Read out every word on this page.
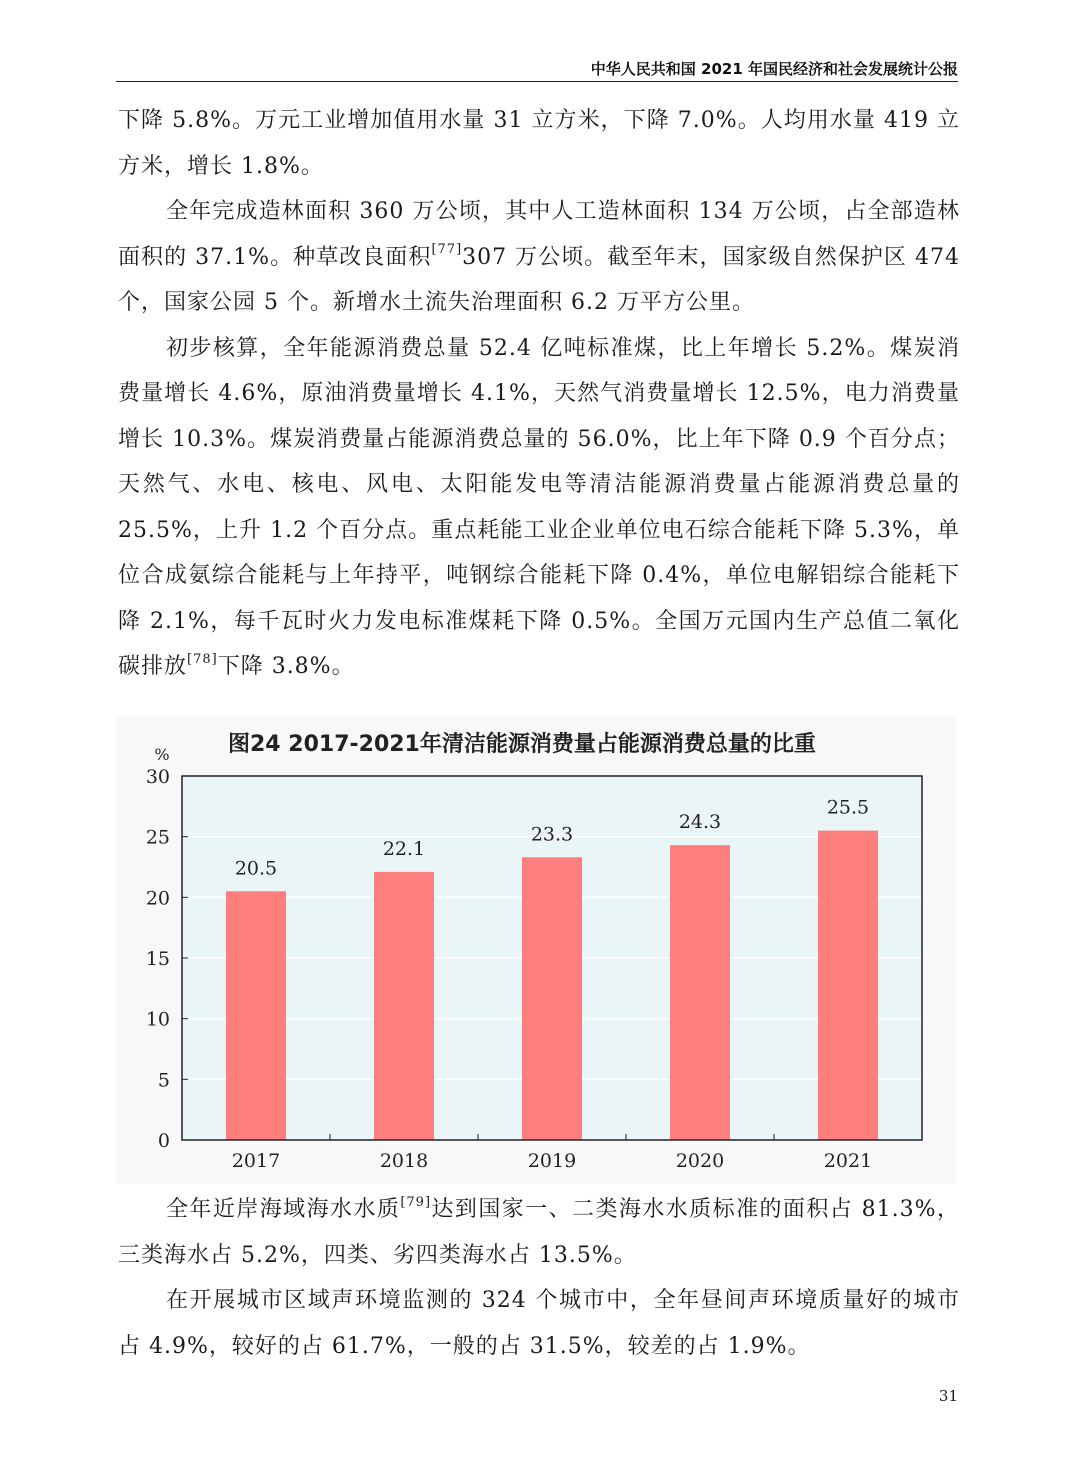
中华人民共和国 2021 年国民经济和社会发展统计公报

下降 5.8%。万元工业增加值用水量 31 立方米，下降 7.0%。人均用水量 419 立方米，增长 1.8%。

全年完成造林面积 360 万公顷，其中人工造林面积 134 万公顷，占全部造林面积的 37.1%。种草改良面积[77]307 万公顷。截至年末，国家级自然保护区 474 个，国家公园 5 个。新增水土流失治理面积 6.2 万平方公里。

初步核算，全年能源消费总量 52.4 亿吨标准煤，比上年增长 5.2%。煤炭消费量增长 4.6%，原油消费量增长 4.1%，天然气消费量增长 12.5%，电力消费量增长 10.3%。煤炭消费量占能源消费总量的 56.0%，比上年下降 0.9 个百分点；天然气、水电、核电、风电、太阳能发电等清洁能源消费量占能源消费总量的 25.5%，上升 1.2 个百分点。重点耗能工业企业单位电石综合能耗下降 5.3%，单位合成氨综合能耗与上年持平，吨钢综合能耗下降 0.4%，单位电解铝综合能耗下降 2.1%，每千瓦时火力发电标准煤耗下降 0.5%。全国万元国内生产总值二氧化碳排放[78]下降 3.8%。

0
5
10
15
20
25
30
%	图24 2017-2021年清洁能源消费量占能源消费总量的比重
20.5
2017
22.1
2018
23.3
2019
24.3
2020
25.5
2021

全年近岸海域海水水质[79]达到国家一、二类海水水质标准的面积占 81.3%，三类海水占 5.2%，四类、劣四类海水占 13.5%。

在开展城市区域声环境监测的 324 个城市中，全年昼间声环境质量好的城市占 4.9%，较好的占 61.7%，一般的占 31.5%，较差的占 1.9%。

31
